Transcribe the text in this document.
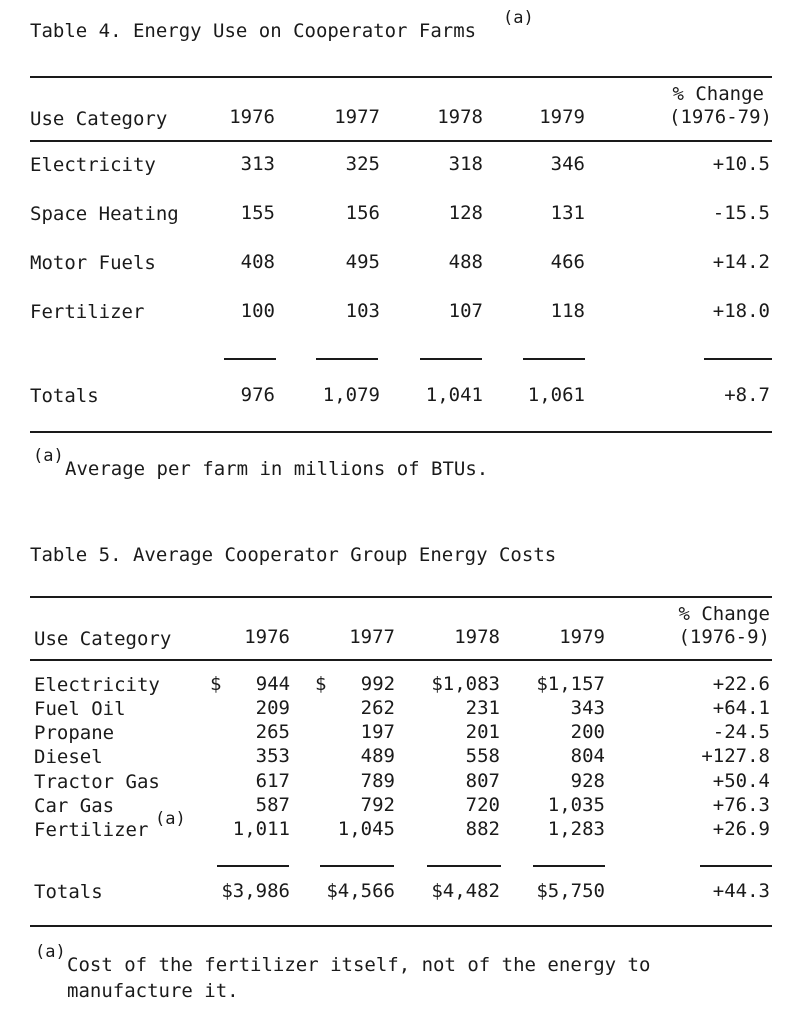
Table 4. Energy Use on Cooperator Farms
(a)
Use Category	1976	1977	1978	1979
% Change
(1976-79)
Electricity	313	325	318	346	+10.5
Space Heating	155	156	128	131	-15.5
Motor Fuels	408	495	488	466	+14.2
Fertilizer	100	103	107	118	+18.0
Totals	976	1,079	1,041	1,061	+8.7
(a)
Average per farm in millions of BTUs.
Table 5. Average Cooperator Group Energy Costs
Use Category	1976	1977	1978	1979
% Change
(1976-9)
Electricity	$   944 $   992	$1,083	$1,157	+22.6
Fuel Oil	209	262	231	343	+64.1
Propane	265	197	201	200	-24.5
Diesel	353	489	558	804	+127.8
Tractor Gas	617	789	807	928	+50.4
Car Gas	587	792	720	1,035	+76.3
Fertilizer (a)	1,011	1,045	882	1,283	+26.9
Totals	$3,986	$4,566	$4,482	$5,750	+44.3
(a)
Cost of the fertilizer itself, not of the energy to
manufacture it.
